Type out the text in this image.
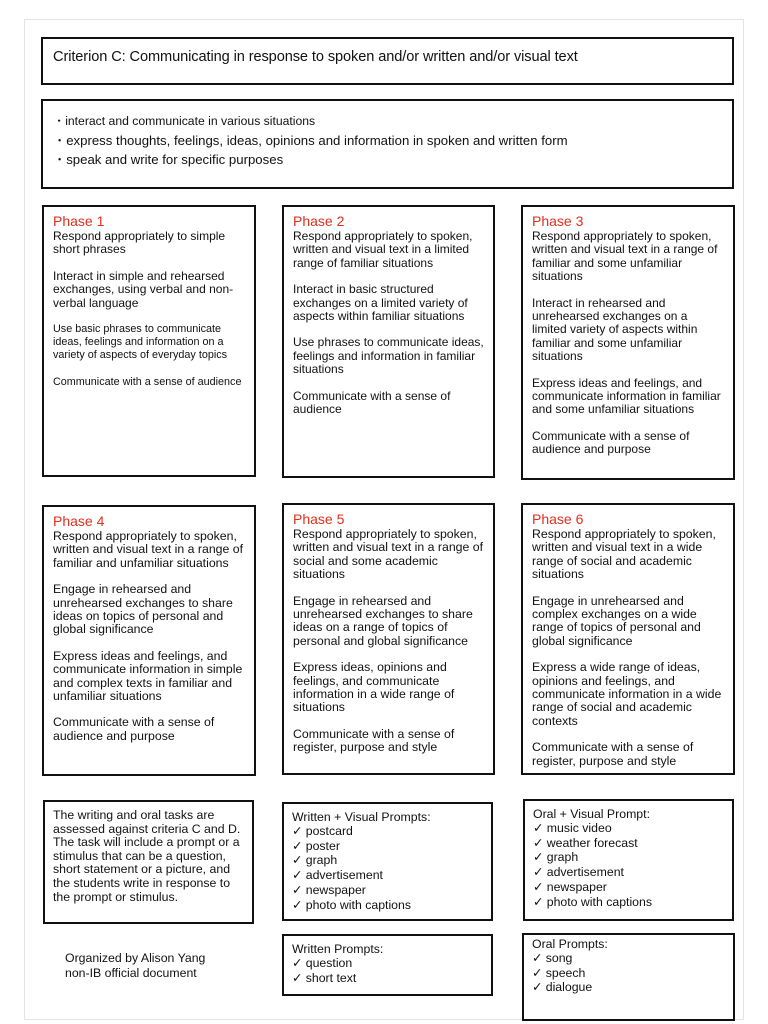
Criterion C: Communicating in response to spoken and/or written and/or visual text
・ interact and communicate in various situations
・ express thoughts, feelings, ideas, opinions and information in spoken and written form
・ speak and write for specific purposes
Phase 1

Respond appropriately to simple short phrases

Interact in simple and rehearsed exchanges, using verbal and non-verbal language

Use basic phrases to communicate ideas, feelings and information on a variety of aspects of everyday topics

Communicate with a sense of audience

Phase 2

Respond appropriately to spoken, written and visual text in a limited range of familiar situations

Interact in basic structured exchanges on a limited variety of aspects within familiar situations

Use phrases to communicate ideas, feelings and information in familiar situations

Communicate with a sense of audience

Phase 3

Respond appropriately to spoken, written and visual text in a range of familiar and some unfamiliar situations

Interact in rehearsed and unrehearsed exchanges on a limited variety of aspects within familiar and some unfamiliar situations

Express ideas and feelings, and communicate information in familiar and some unfamiliar situations

Communicate with a sense of audience and purpose

Phase 4

Respond appropriately to spoken, written and visual text in a range of familiar and unfamiliar situations

Engage in rehearsed and unrehearsed exchanges to share ideas on topics of personal and global significance

Express ideas and feelings, and communicate information in simple and complex texts in familiar and unfamiliar situations

Communicate with a sense of audience and purpose

Phase 5

Respond appropriately to spoken, written and visual text in a range of social and some academic situations

Engage in rehearsed and unrehearsed exchanges to share ideas on a range of topics of personal and global significance

Express ideas, opinions and feelings, and communicate information in a wide range of situations

Communicate with a sense of register, purpose and style

Phase 6

Respond appropriately to spoken, written and visual text in a wide range of social and academic situations

Engage in unrehearsed and complex exchanges on a wide range of topics of personal and global significance

Express a wide range of ideas, opinions and feelings, and communicate information in a wide range of social and academic contexts

Communicate with a sense of register, purpose and style

The writing and oral tasks are assessed against criteria C and D. The task will include a prompt or a stimulus that can be a question, short statement or a picture, and the students write in response to the prompt or stimulus.

Written + Visual Prompts:
✓ postcard
✓ poster
✓ graph
✓ advertisement
✓ newspaper
✓ photo with captions
Oral + Visual Prompt:
✓ music video
✓ weather forecast
✓ graph
✓ advertisement
✓ newspaper
✓ photo with captions
Organized by Alison Yang
non-IB official document
Written Prompts:
✓ question
✓ short text
Oral Prompts:
✓ song
✓ speech
✓ dialogue
